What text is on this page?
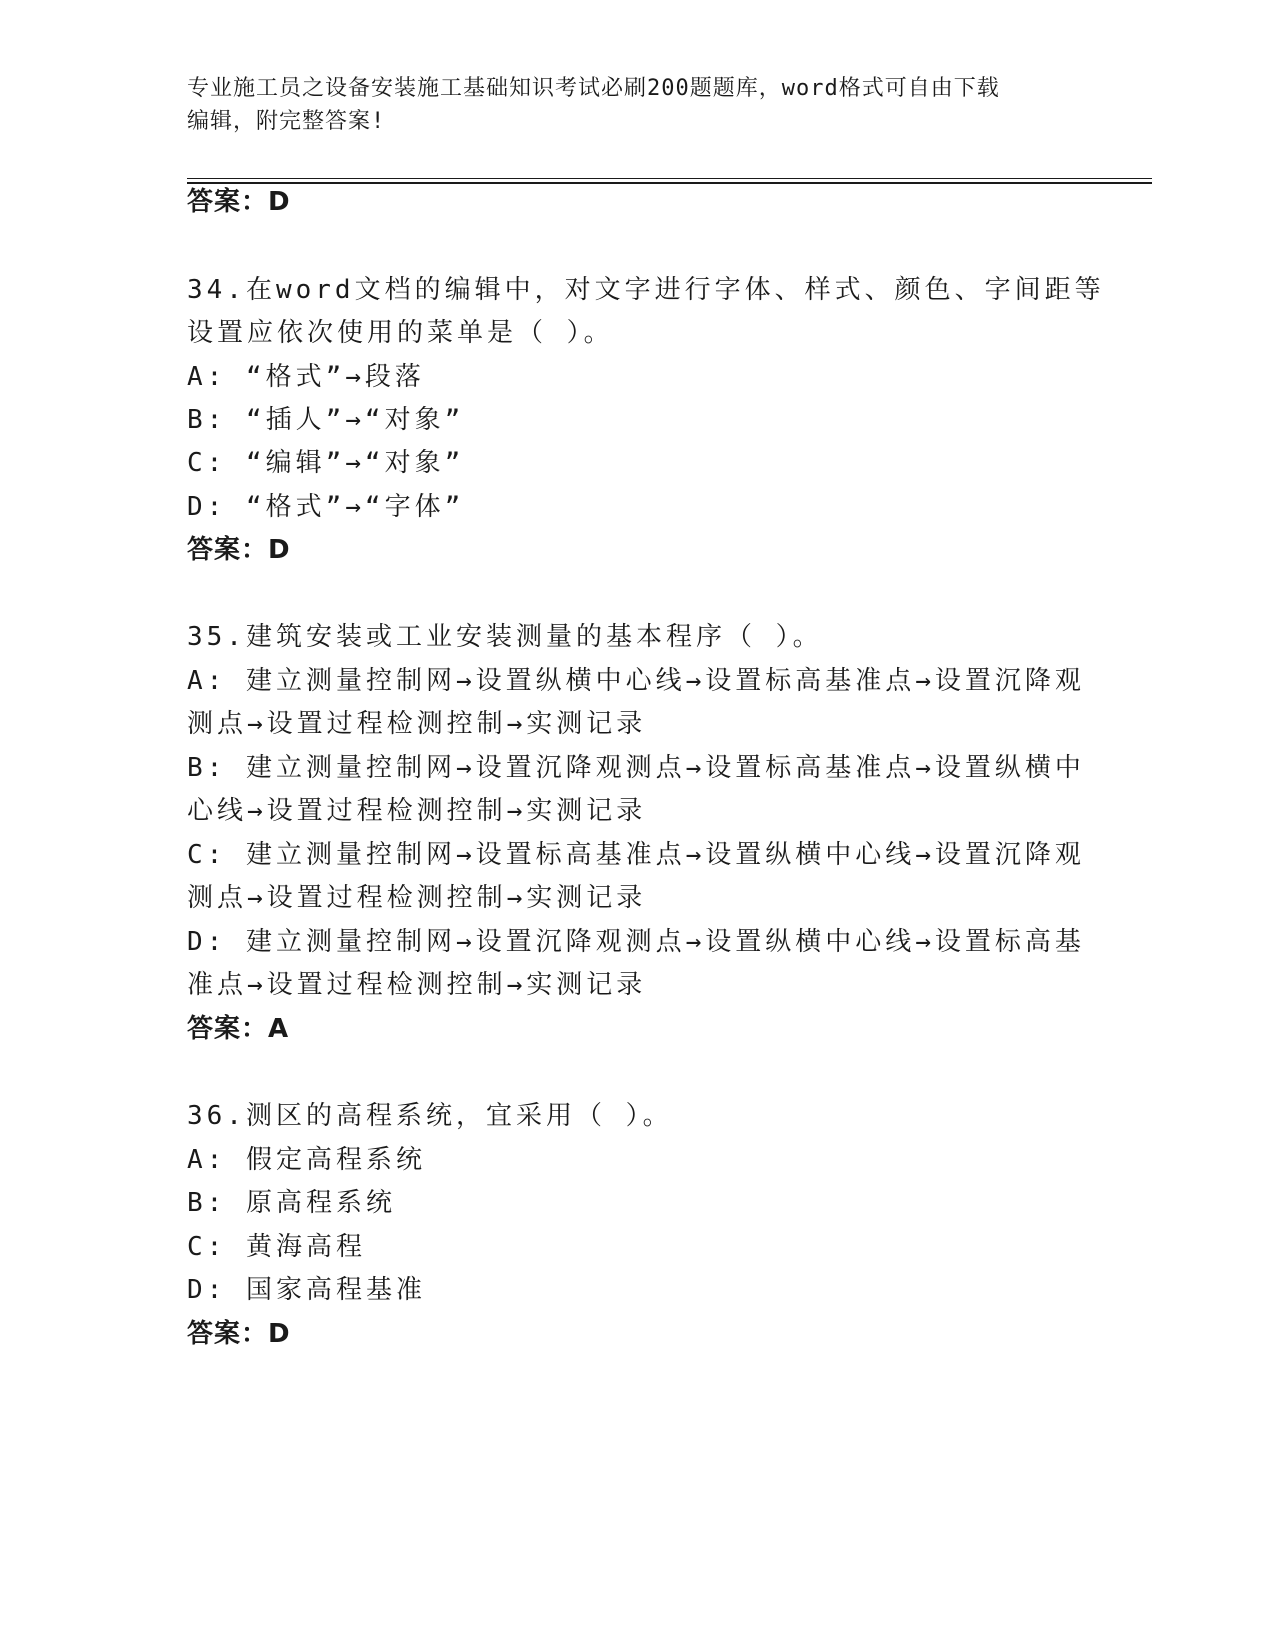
专业施工员之设备安装施工基础知识考试必刷200题题库，word格式可自由下载
编辑，附完整答案!
答案：D
34.在word文档的编辑中，对文字进行字体、样式、颜色、字间距等
设置应依次使用的菜单是（ ）。
A: “格式”→段落
B: “插人”→“对象”
C: “编辑”→“对象”
D: “格式”→“字体”
答案：D
35.建筑安装或工业安装测量的基本程序（ ）。
A: 建立测量控制网→设置纵横中心线→设置标高基准点→设置沉降观
测点→设置过程检测控制→实测记录
B: 建立测量控制网→设置沉降观测点→设置标高基准点→设置纵横中
心线→设置过程检测控制→实测记录
C: 建立测量控制网→设置标高基准点→设置纵横中心线→设置沉降观
测点→设置过程检测控制→实测记录
D: 建立测量控制网→设置沉降观测点→设置纵横中心线→设置标高基
准点→设置过程检测控制→实测记录
答案：A
36.测区的高程系统，宜采用（ ）。
A: 假定高程系统
B: 原高程系统
C: 黄海高程
D: 国家高程基准
答案：D
